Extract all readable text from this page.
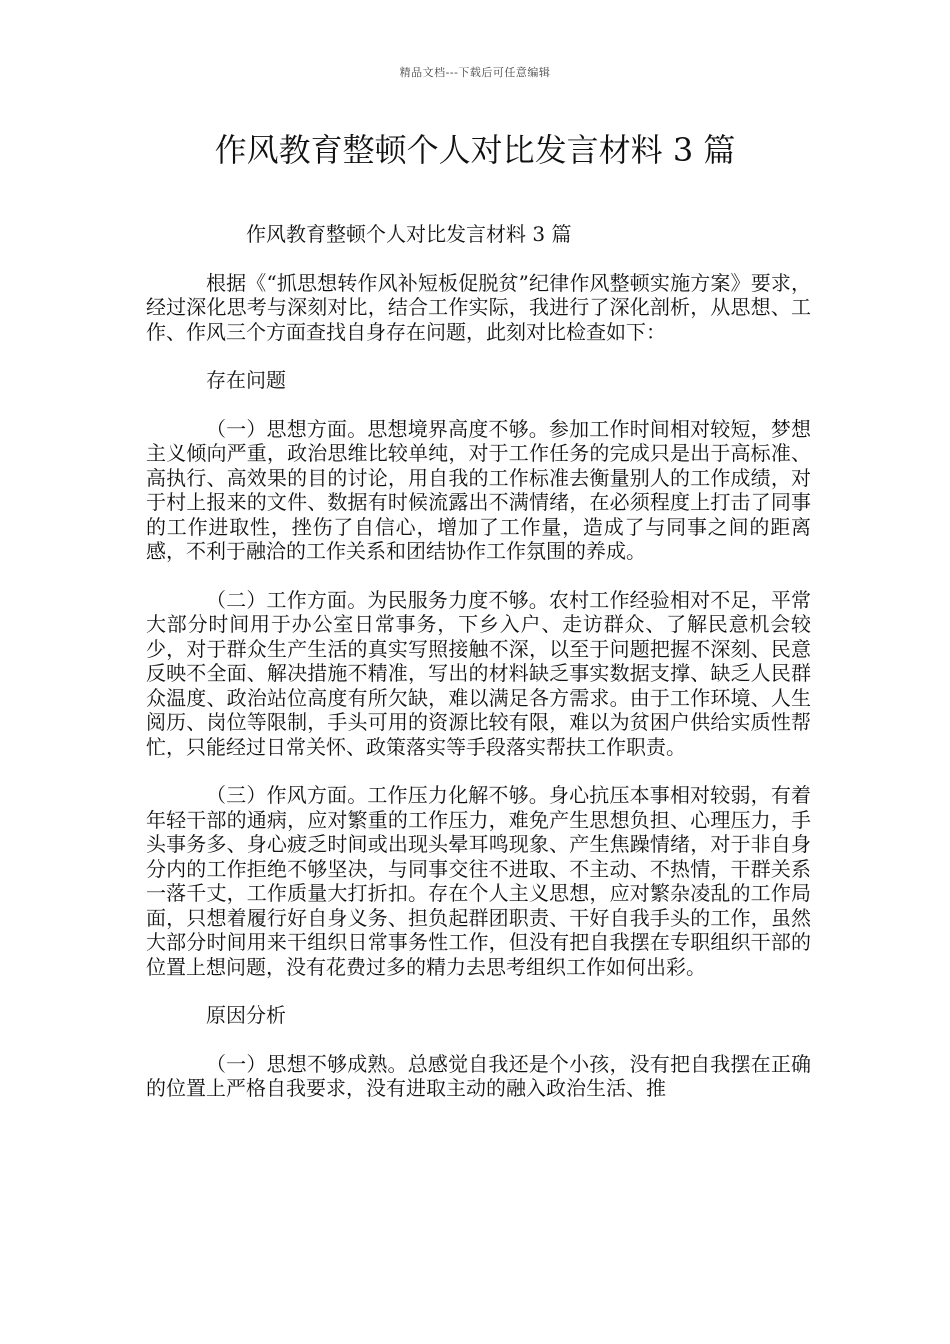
精品文档---下载后可任意编辑
作风教育整顿个人对比发言材料 3 篇

作风教育整顿个人对比发言材料 3 篇

根据《“抓思想转作风补短板促脱贫”纪律作风整顿实施方案》要求，经过深化思考与深刻对比，结合工作实际，我进行了深化剖析，从思想、工作、作风三个方面查找自身存在问题，此刻对比检查如下：

存在问题

（一）思想方面。思想境界高度不够。参加工作时间相对较短，梦想主义倾向严重，政治思维比较单纯，对于工作任务的完成只是出于高标准、高执行、高效果的目的讨论，用自我的工作标准去衡量别人的工作成绩，对于村上报来的文件、数据有时候流露出不满情绪，在必须程度上打击了同事的工作进取性，挫伤了自信心，增加了工作量，造成了与同事之间的距离感，不利于融洽的工作关系和团结协作工作氛围的养成。

（二）工作方面。为民服务力度不够。农村工作经验相对不足，平常大部分时间用于办公室日常事务，下乡入户、走访群众、了解民意机会较少，对于群众生产生活的真实写照接触不深，以至于问题把握不深刻、民意反映不全面、解决措施不精准，写出的材料缺乏事实数据支撑、缺乏人民群众温度、政治站位高度有所欠缺，难以满足各方需求。由于工作环境、人生阅历、岗位等限制，手头可用的资源比较有限，难以为贫困户供给实质性帮忙，只能经过日常关怀、政策落实等手段落实帮扶工作职责。

（三）作风方面。工作压力化解不够。身心抗压本事相对较弱，有着年轻干部的通病，应对繁重的工作压力，难免产生思想负担、心理压力，手头事务多、身心疲乏时间或出现头晕耳鸣现象、产生焦躁情绪，对于非自身分内的工作拒绝不够坚决，与同事交往不进取、不主动、不热情，干群关系一落千丈，工作质量大打折扣。存在个人主义思想，应对繁杂凌乱的工作局面，只想着履行好自身义务、担负起群团职责、干好自我手头的工作，虽然大部分时间用来干组织日常事务性工作，但没有把自我摆在专职组织干部的位置上想问题，没有花费过多的精力去思考组织工作如何出彩。

原因分析

（一）思想不够成熟。总感觉自我还是个小孩，没有把自我摆在正确的位置上严格自我要求，没有进取主动的融入政治生活、推
